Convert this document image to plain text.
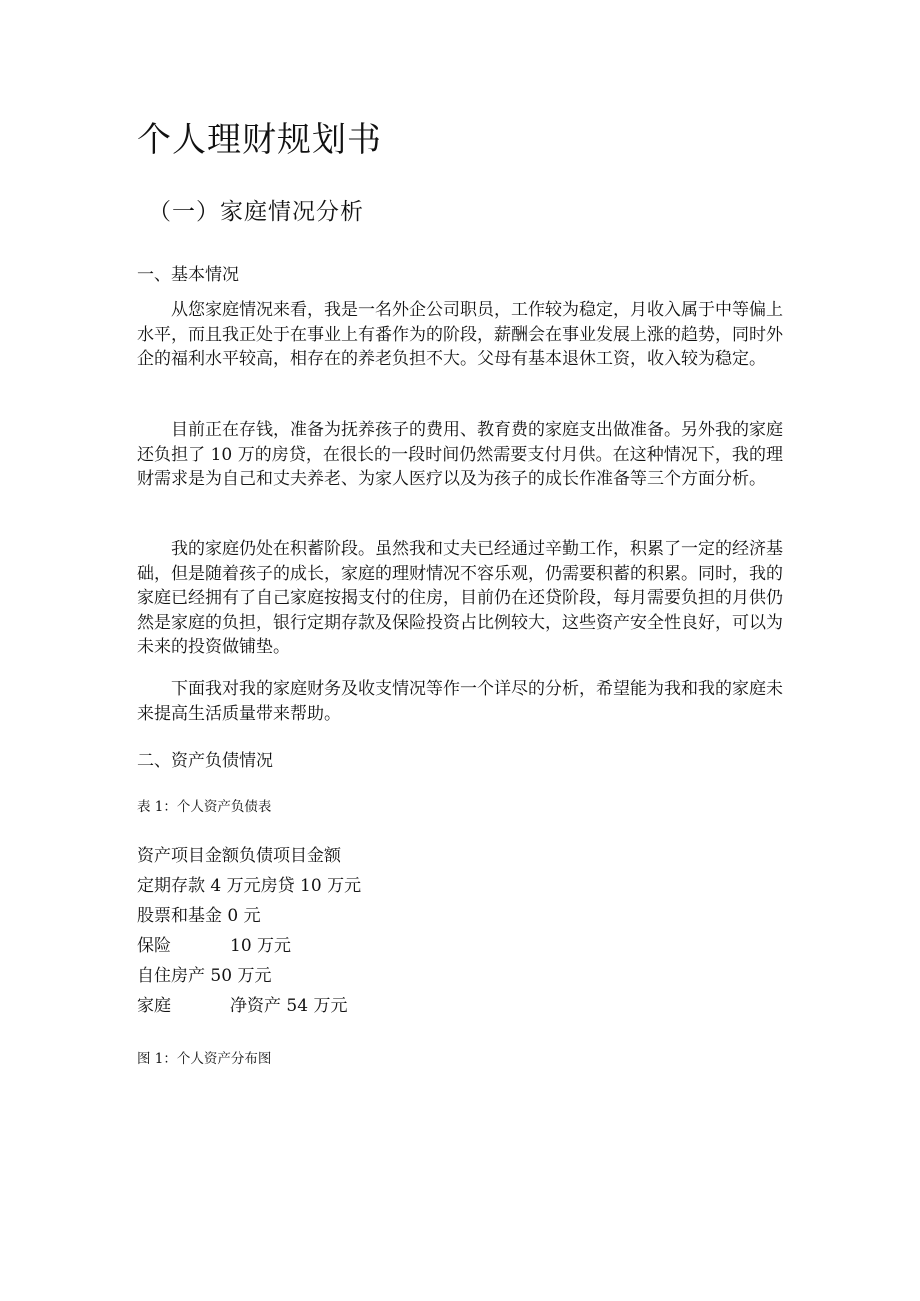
个人理财规划书
（一）家庭情况分析
一、基本情况

从您家庭情况来看，我是一名外企公司职员，工作较为稳定，月收入属于中等偏上水平，而且我正处于在事业上有番作为的阶段，薪酬会在事业发展上涨的趋势，同时外企的福利水平较高，相存在的养老负担不大。父母有基本退休工资，收入较为稳定。

目前正在存钱，准备为抚养孩子的费用、教育费的家庭支出做准备。另外我的家庭还负担了 10 万的房贷，在很长的一段时间仍然需要支付月供。在这种情况下，我的理财需求是为自己和丈夫养老、为家人医疗以及为孩子的成长作准备等三个方面分析。

我的家庭仍处在积蓄阶段。虽然我和丈夫已经通过辛勤工作，积累了一定的经济基础，但是随着孩子的成长，家庭的理财情况不容乐观，仍需要积蓄的积累。同时，我的家庭已经拥有了自己家庭按揭支付的住房，目前仍在还贷阶段，每月需要负担的月供仍然是家庭的负担，银行定期存款及保险投资占比例较大，这些资产安全性良好，可以为未来的投资做铺垫。

下面我对我的家庭财务及收支情况等作一个详尽的分析，希望能为我和我的家庭未来提高生活质量带来帮助。

二、资产负债情况
表 1：个人资产负债表
资产项目金额负债项目金额
定期存款 4 万元房贷 10 万元
股票和基金 0 元
保险	10 万元
自住房产 50 万元
家庭	净资产 54 万元
图 1：个人资产分布图
